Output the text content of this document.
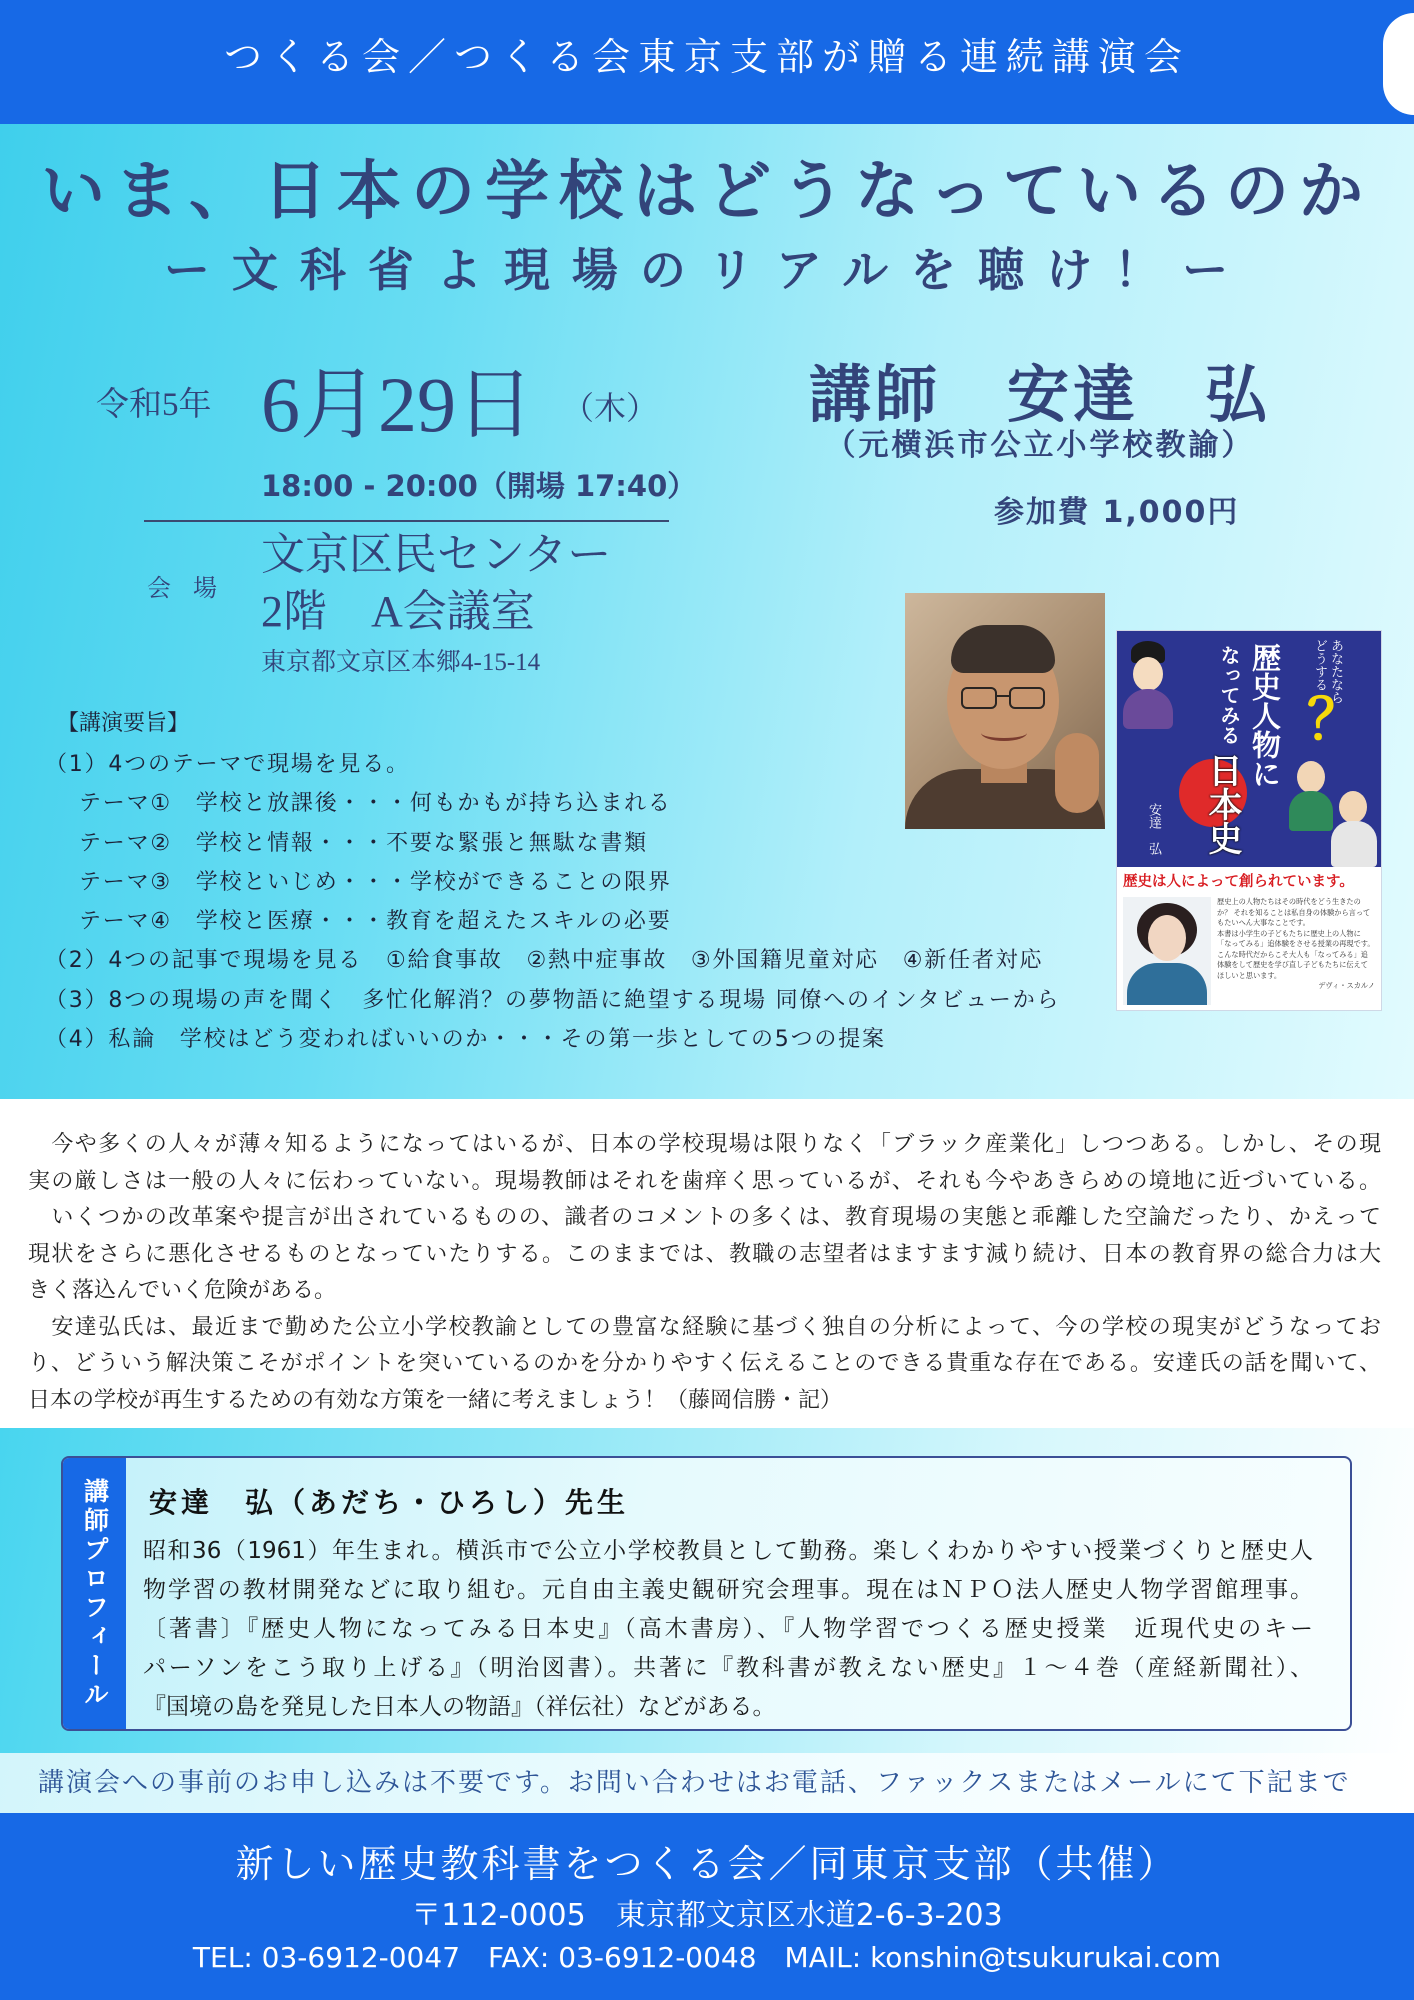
つくる会／つくる会東京支部が贈る連続講演会
いま、日本の学校はどうなっているのか
ー文科省よ現場のリアルを聴け！ー
令和5年 6月29日 （木）
18:00 - 20:00（開場 17:40）
会 場
文京区民センター
2階　A会議室
東京都文京区本郷4-15-14
講師　安達　弘
（元横浜市公立小学校教諭）
参加費 1,000円
あなたならどうする
？
歴史人物に
なってみる
日本史
安達　弘
歴史は人によって創られています。

歴史上の人物たちはその時代をどう生きたのか？ それを知ることは私自身の体験から言ってもたいへん大事なことです。

本書は小学生の子どもたちに歴史上の人物に「なってみる」追体験をさせる授業の再現です。

こんな時代だからこそ大人も「なってみる」追体験をして歴史を学び直し子どもたちに伝えてほしいと思います。

デヴィ・スカルノ

【講演要旨】
（1）4つのテーマで現場を見る。
テーマ①　学校と放課後・・・何もかもが持ち込まれる
テーマ②　学校と情報・・・不要な緊張と無駄な書類
テーマ③　学校といじめ・・・学校ができることの限界
テーマ④　学校と医療・・・教育を超えたスキルの必要
（2）4つの記事で現場を見る　①給食事故　②熱中症事故　③外国籍児童対応　④新任者対応
（3）8つの現場の声を聞く　多忙化解消？の夢物語に絶望する現場 同僚へのインタビューから
（4）私論　学校はどう変わればいいのか・・・その第一歩としての5つの提案
　今や多くの人々が薄々知るようになってはいるが、日本の学校現場は限りなく「ブラック産業化」しつつある。しかし、その現
実の厳しさは一般の人々に伝わっていない。現場教師はそれを歯痒く思っているが、それも今やあきらめの境地に近づいている。
　いくつかの改革案や提言が出されているものの、識者のコメントの多くは、教育現場の実態と乖離した空論だったり、かえって
現状をさらに悪化させるものとなっていたりする。このままでは、教職の志望者はますます減り続け、日本の教育界の総合力は大
きく落込んでいく危険がある。
　安達弘氏は、最近まで勤めた公立小学校教諭としての豊富な経験に基づく独自の分析によって、今の学校の現実がどうなってお
り、どういう解決策こそがポイントを突いているのかを分かりやすく伝えることのできる貴重な存在である。安達氏の話を聞いて、
日本の学校が再生するための有効な方策を一緒に考えましょう！（藤岡信勝・記）
講師プロフィール 安達　弘（あだち・ひろし）先生
昭和36（1961）年生まれ。横浜市で公立小学校教員として勤務。楽しくわかりやすい授業づくりと歴史人
物学習の教材開発などに取り組む。元自由主義史観研究会理事。現在はＮＰＯ法人歴史人物学習館理事。
〔著書〕『歴史人物になってみる日本史』（高木書房）、『人物学習でつくる歴史授業　近現代史のキー
パーソンをこう取り上げる』（明治図書）。共著に『教科書が教えない歴史』１～４巻（産経新聞社）、
『国境の島を発見した日本人の物語』（祥伝社）などがある。
講演会への事前のお申し込みは不要です。お問い合わせはお電話、ファックスまたはメールにて下記まで
新しい歴史教科書をつくる会／同東京支部（共催）
〒112-0005　東京都文京区水道2-6-3-203
TEL: 03-6912-0047　FAX: 03-6912-0048　MAIL: konshin@tsukurukai.com
